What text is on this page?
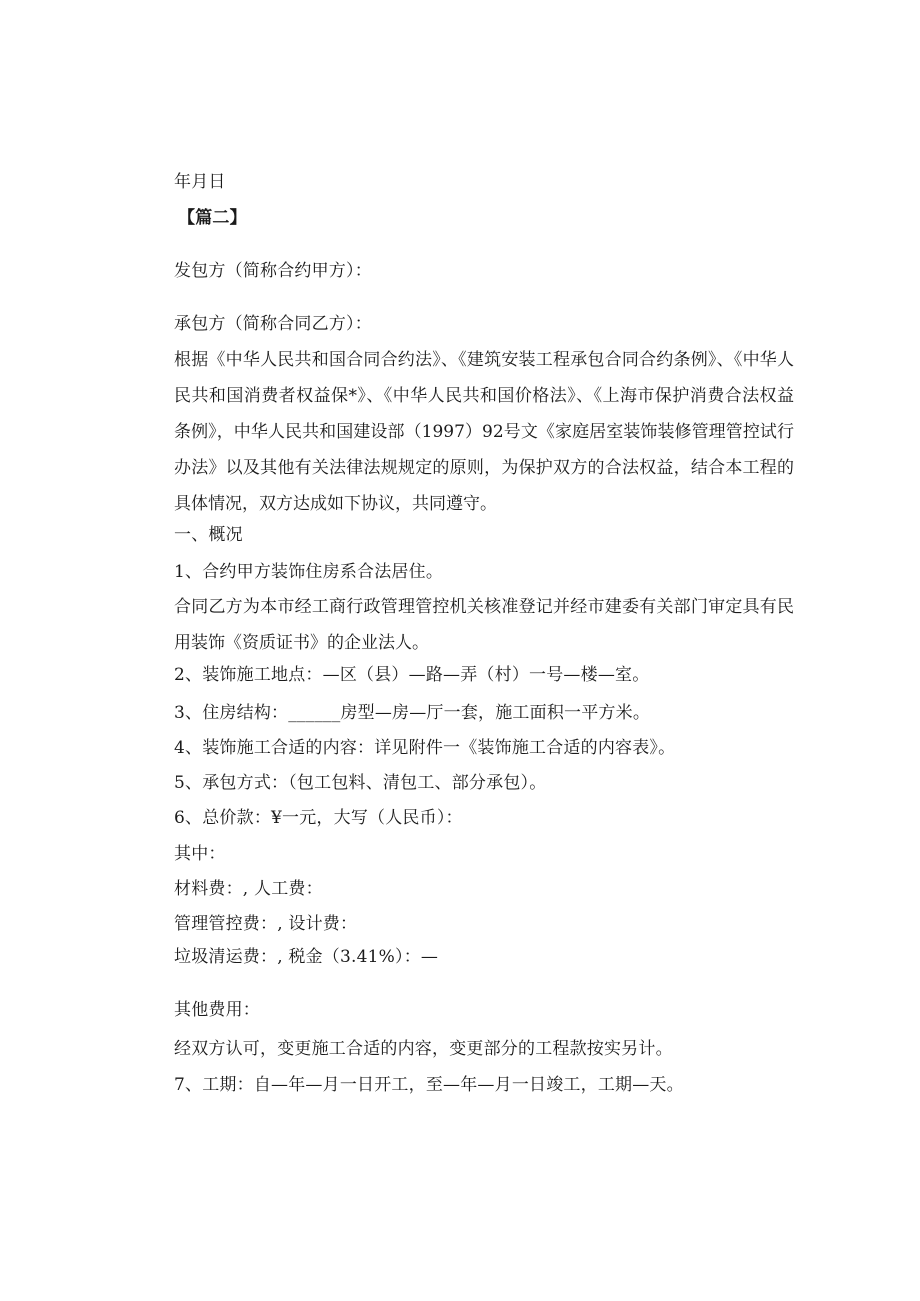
年月日
【篇二】
发包方（简称合约甲方）：
承包方（简称合同乙方）：
根据《中华人民共和国合同合约法》、《建筑安装工程承包合同合约条例》、《中华人民共和国消费者权益保*》、《中华人民共和国价格法》、《上海市保护消费合法权益条例》，中华人民共和国建设部（1997）92号文《家庭居室装饰装修管理管控试行办法》以及其他有关法律法规规定的原则，为保护双方的合法权益，结合本工程的具体情况，双方达成如下协议，共同遵守。
一、概况
1、合约甲方装饰住房系合法居住。
合同乙方为本市经工商行政管理管控机关核准登记并经市建委有关部门审定具有民用装饰《资质证书》的企业法人。
2、装饰施工地点：—区（县）—路—弄（村）一号—楼—室。
3、住房结构：______房型—房—厅一套，施工面积一平方米。
4、装饰施工合适的内容：详见附件一《装饰施工合适的内容表》。
5、承包方式：（包工包料、清包工、部分承包）。
6、总价款：¥一元，大写（人民币）：
其中：
材料费：, 人工费：
管理管控费：, 设计费：
垃圾清运费：, 税金（3.41%）：—
其他费用：
经双方认可，变更施工合适的内容，变更部分的工程款按实另计。
7、工期：自—年—月一日开工，至—年—月一日竣工，工期—天。
